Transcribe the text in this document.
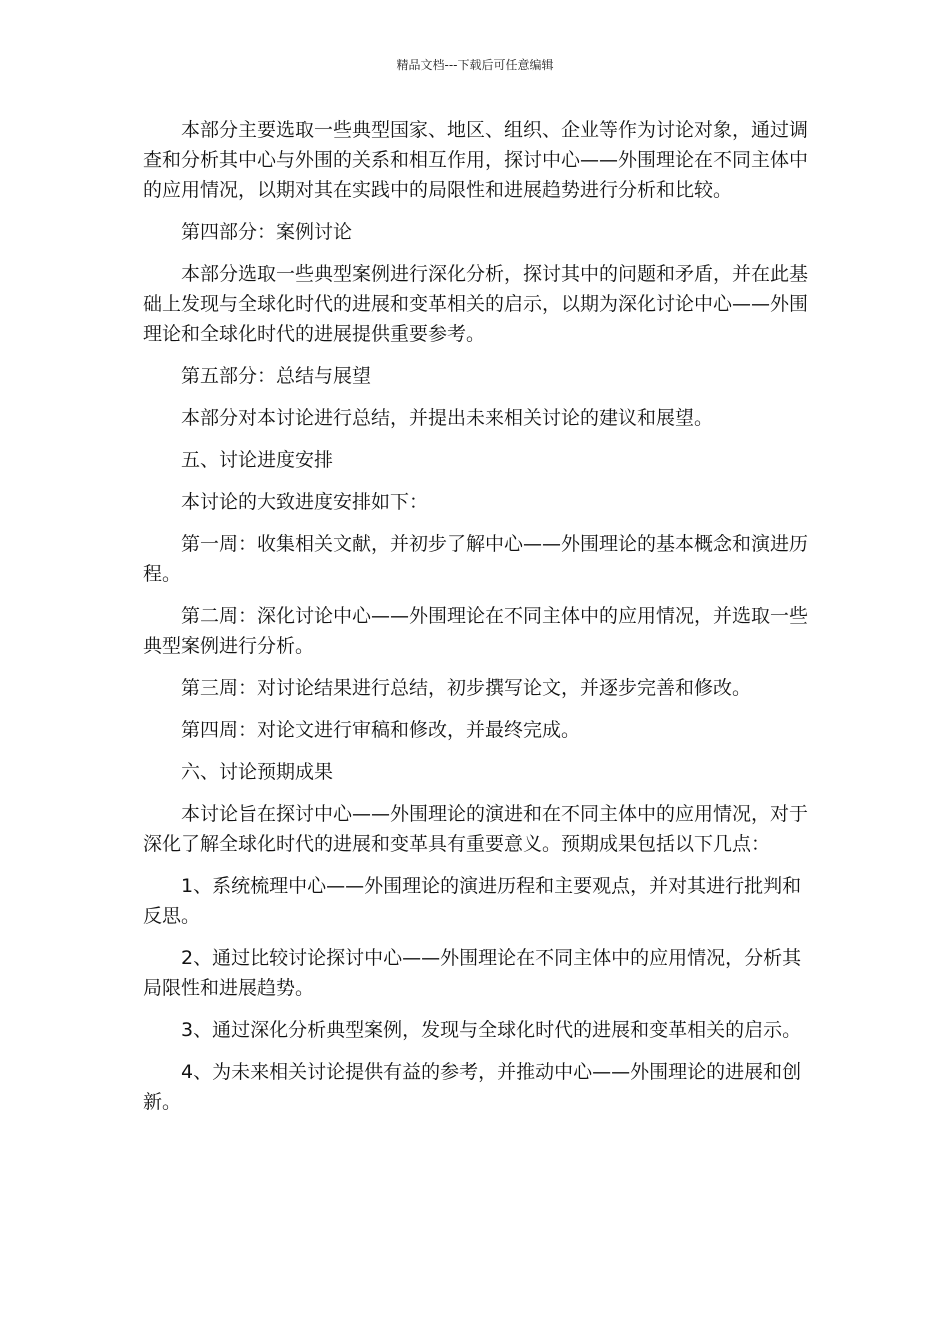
精品文档---下载后可任意编辑

本部分主要选取一些典型国家、地区、组织、企业等作为讨论对象，通过调查和分析其中心与外围的关系和相互作用，探讨中心——外围理论在不同主体中的应用情况，以期对其在实践中的局限性和进展趋势进行分析和比较。

第四部分：案例讨论

本部分选取一些典型案例进行深化分析，探讨其中的问题和矛盾，并在此基础上发现与全球化时代的进展和变革相关的启示，以期为深化讨论中心——外围理论和全球化时代的进展提供重要参考。

第五部分：总结与展望

本部分对本讨论进行总结，并提出未来相关讨论的建议和展望。

五、讨论进度安排

本讨论的大致进度安排如下：

第一周：收集相关文献，并初步了解中心——外围理论的基本概念和演进历程。

第二周：深化讨论中心——外围理论在不同主体中的应用情况，并选取一些典型案例进行分析。

第三周：对讨论结果进行总结，初步撰写论文，并逐步完善和修改。

第四周：对论文进行审稿和修改，并最终完成。

六、讨论预期成果

本讨论旨在探讨中心——外围理论的演进和在不同主体中的应用情况，对于深化了解全球化时代的进展和变革具有重要意义。预期成果包括以下几点：

1、系统梳理中心——外围理论的演进历程和主要观点，并对其进行批判和反思。

2、通过比较讨论探讨中心——外围理论在不同主体中的应用情况，分析其局限性和进展趋势。

3、通过深化分析典型案例，发现与全球化时代的进展和变革相关的启示。

4、为未来相关讨论提供有益的参考，并推动中心——外围理论的进展和创新。
